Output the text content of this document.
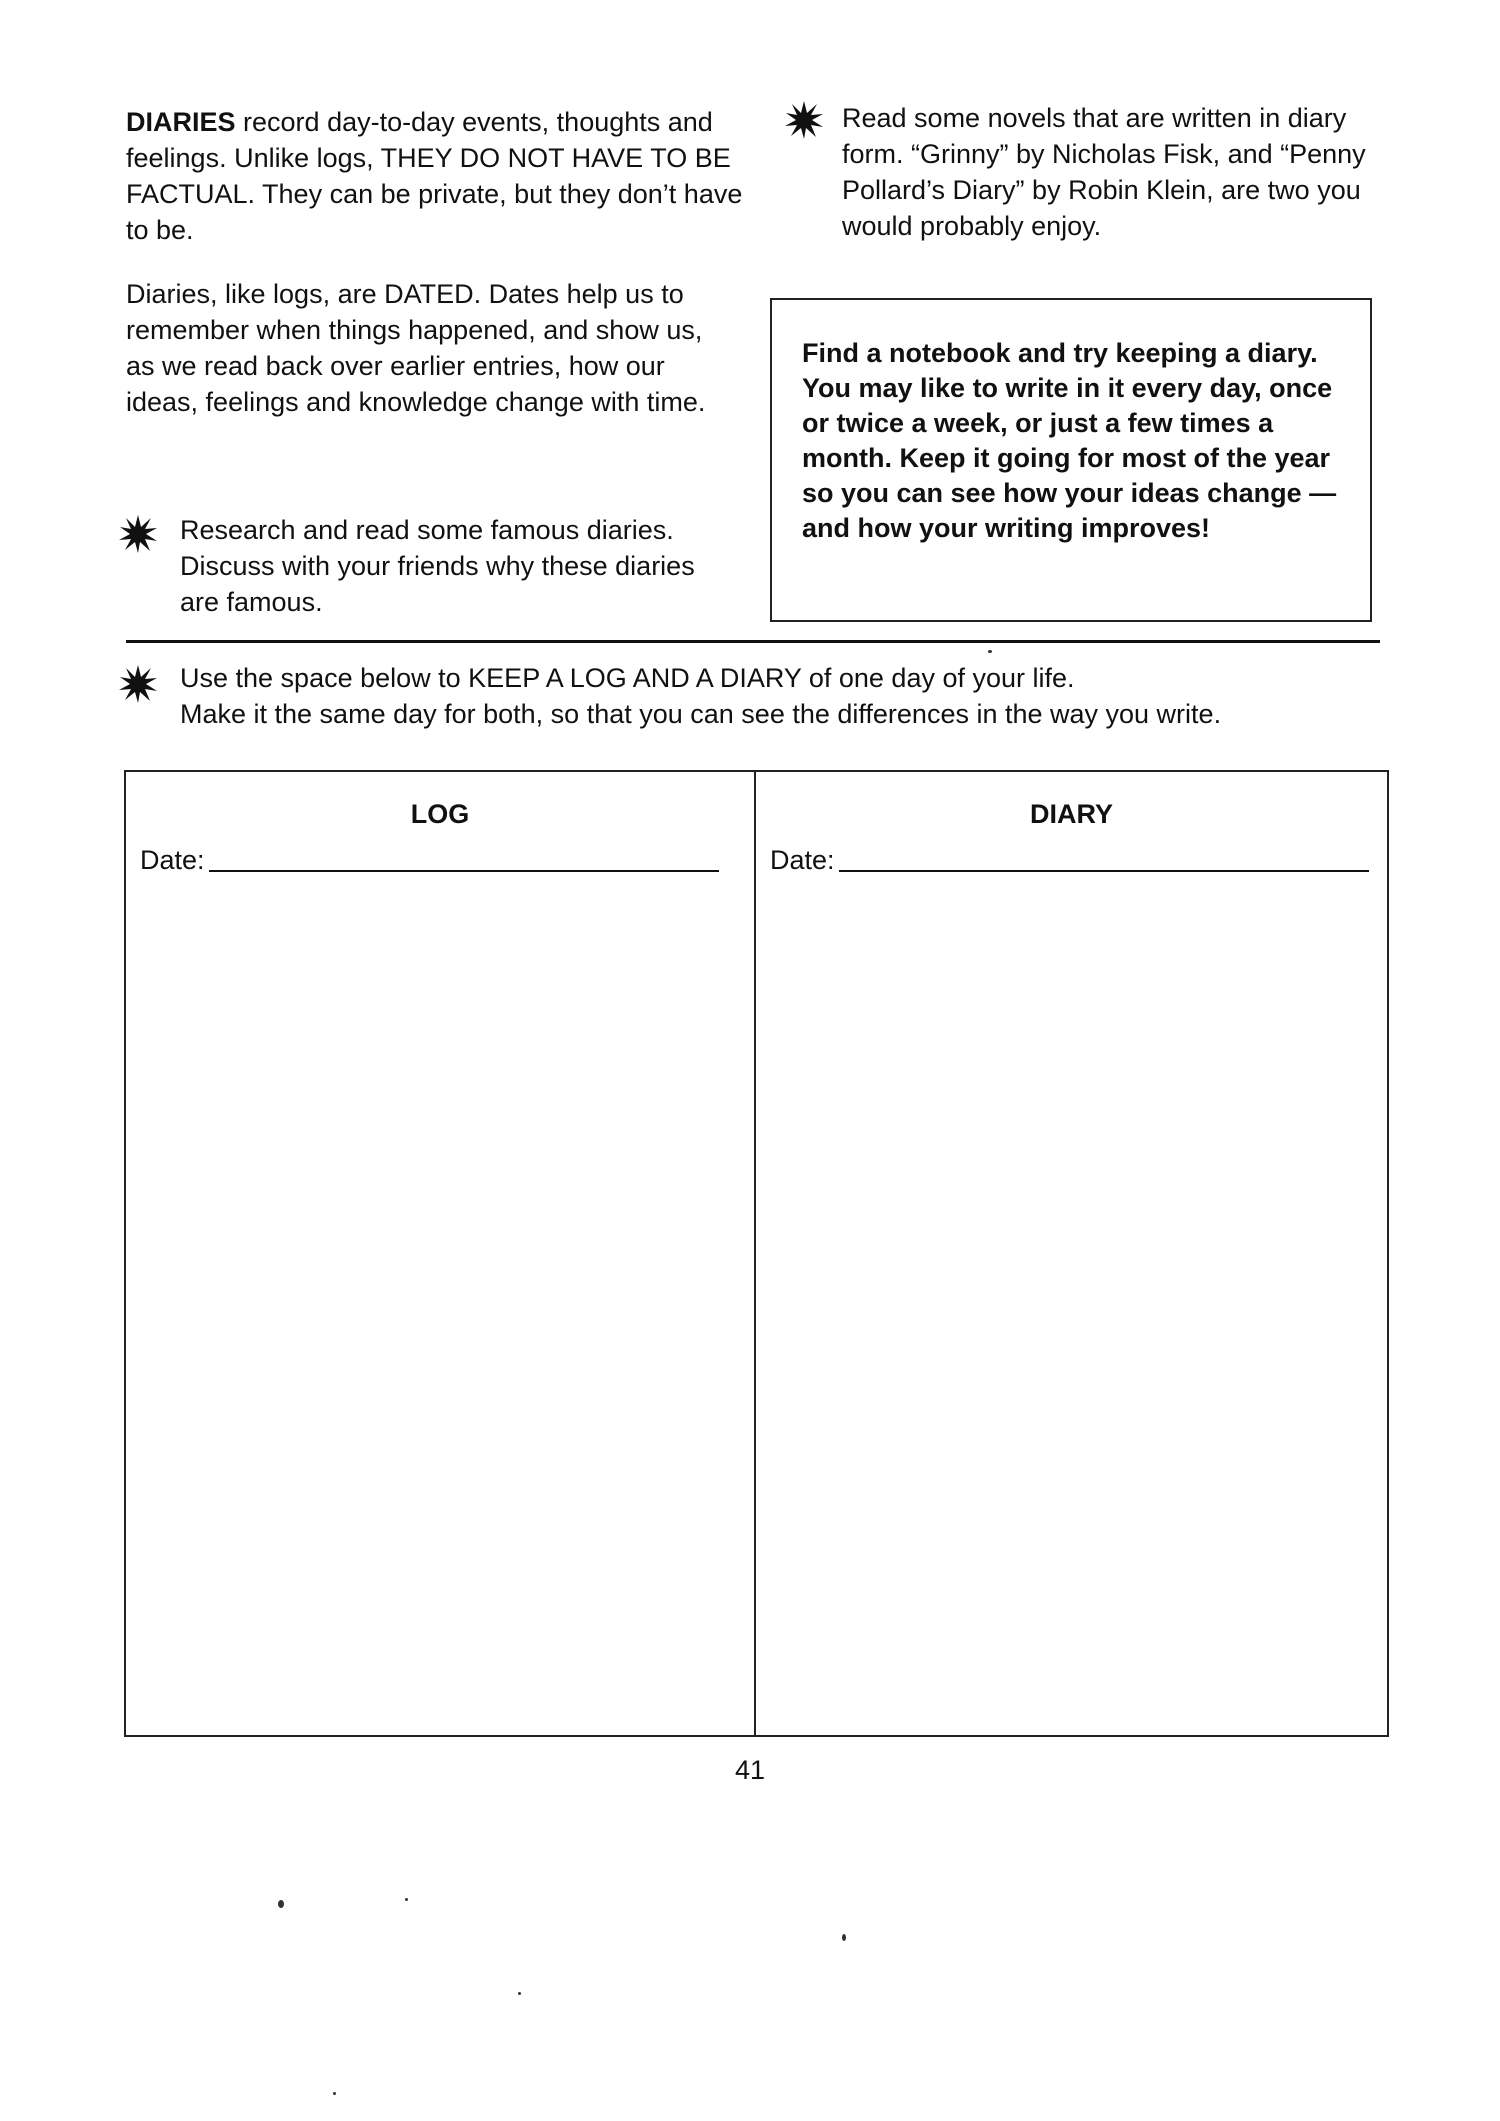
DIARIES record day-to-day events, thoughts and feelings. Unlike logs, THEY DO NOT HAVE TO BE FACTUAL. They can be private, but they don’t have to be.

Diaries, like logs, are DATED. Dates help us to remember when things happened, and show us, as we read back over earlier entries, how our ideas, feelings and knowledge change with time.

Research and read some famous diaries. Discuss with your friends why these diaries are famous.

Read some novels that are written in diary form. “Grinny” by Nicholas Fisk, and “Penny Pollard’s Diary” by Robin Klein, are two you would probably enjoy.

Find a notebook and try keeping a diary. You may like to write in it every day, once or twice a week, or just a few times a month. Keep it going for most of the year so you can see how your ideas change — and how your writing improves!
Use the space below to KEEP A LOG AND A DIARY of one day of your life.
Make it the same day for both, so that you can see the differences in the way you write.
LOG
Date:
DIARY
Date:
41
